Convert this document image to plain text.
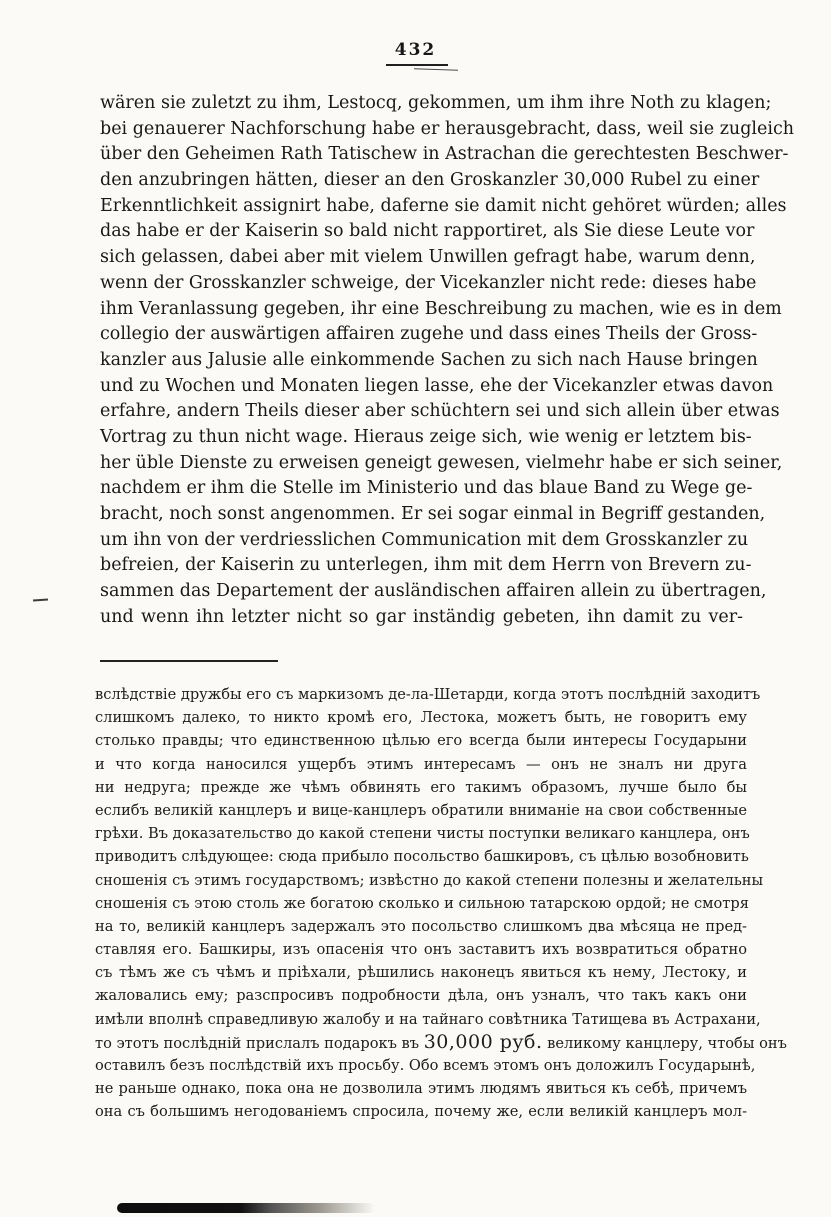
432
wären sie zuletzt zu ihm, Lestocq, gekommen, um ihm ihre Noth zu klagen;
bei genauerer Nachforschung habe er herausgebracht, dass, weil sie zugleich
über den Geheimen Rath Tatischew in Astrachan die gerechtesten Beschwer-
den anzubringen hätten, dieser an den Groskanzler 30,000 Rubel zu einer
Erkenntlichkeit assignirt habe, daferne sie damit nicht gehöret würden; alles
das habe er der Kaiserin so bald nicht rapportiret, als Sie diese Leute vor
sich gelassen, dabei aber mit vielem Unwillen gefragt habe, warum denn,
wenn der Grosskanzler schweige, der Vicekanzler nicht rede: dieses habe
ihm Veranlassung gegeben, ihr eine Beschreibung zu machen, wie es in dem
collegio der auswärtigen affairen zugehe und dass eines Theils der Gross-
kanzler aus Jalusie alle einkommende Sachen zu sich nach Hause bringen
und zu Wochen und Monaten liegen lasse, ehe der Vicekanzler etwas davon
erfahre, andern Theils dieser aber schüchtern sei und sich allein über etwas
Vortrag zu thun nicht wage. Hieraus zeige sich, wie wenig er letztem bis-
her üble Dienste zu erweisen geneigt gewesen, vielmehr habe er sich seiner,
nachdem er ihm die Stelle im Ministerio und das blaue Band zu Wege ge-
bracht, noch sonst angenommen. Er sei sogar einmal in Begriff gestanden,
um ihn von der verdriesslichen Communication mit dem Grosskanzler zu
befreien, der Kaiserin zu unterlegen, ihm mit dem Herrn von Brevern zu-
sammen das Departement der ausländischen affairen allein zu übertragen,
und wenn ihn letzter nicht so gar inständig gebeten, ihn damit zu ver-
вслѣдствіе дружбы его съ маркизомъ де-ла-Шетарди, когда этотъ послѣдній заходитъ
слишкомъ далеко, то никто кромѣ его, Лестока, можетъ быть, не говоритъ ему
столько правды; что единственною цѣлью его всегда были интересы Государыни
и что когда наносился ущербъ этимъ интересамъ — онъ не зналъ ни друга
ни недруга; прежде же чѣмъ обвинять его такимъ образомъ, лучше было бы
еслибъ великій канцлеръ и вице-канцлеръ обратили вниманіе на свои собственные
грѣхи. Въ доказательство до какой степени чисты поступки великаго канцлера, онъ
приводитъ слѣдующее: сюда прибыло посольство башкировъ, съ цѣлью возобновить
сношенія съ этимъ государствомъ; извѣстно до какой степени полезны и желательны
сношенія съ этою столь же богатою сколько и сильною татарскою ордой; не смотря
на то, великій канцлеръ задержалъ это посольство слишкомъ два мѣсяца не пред-
ставляя его. Башкиры, изъ опасенія что онъ заставитъ ихъ возвратиться обратно
съ тѣмъ же съ чѣмъ и пріѣхали, рѣшились наконецъ явиться къ нему, Лестоку, и
жаловались ему; разспросивъ подробности дѣла, онъ узналъ, что такъ какъ они
имѣли вполнѣ справедливую жалобу и на тайнаго совѣтника Татищева въ Астрахани,
то этотъ послѣдній прислалъ подарокъ въ 30,000 руб. великому канцлеру, чтобы онъ
оставилъ безъ послѣдствій ихъ просьбу. Обо всемъ этомъ онъ доложилъ Государынѣ,
не раньше однако, пока она не дозволила этимъ людямъ явиться къ себѣ, причемъ
она съ большимъ негодованіемъ спросила, почему же, если великій канцлеръ мол-
